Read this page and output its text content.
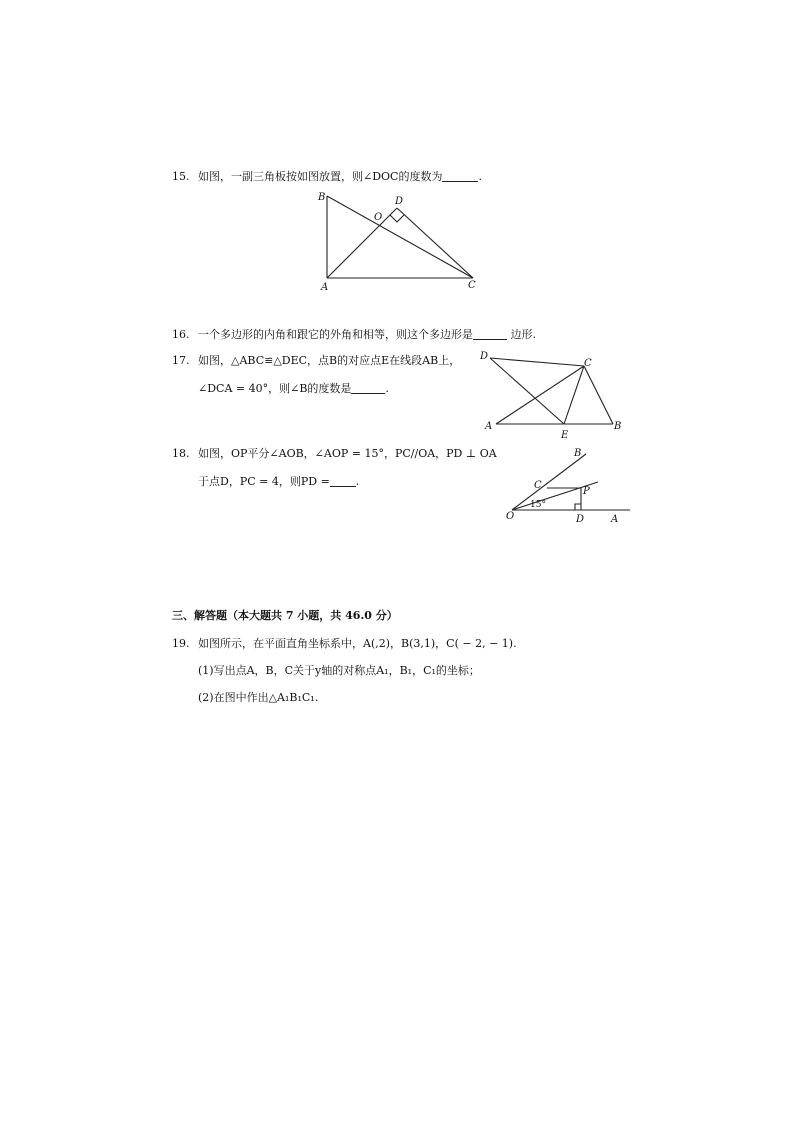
15. 如图，一副三角板按如图放置，则∠DOC的度数为	.
B	D
O
A	C
16. 一个多边形的内角和跟它的外角和相等，则这个多边形是	边形.
17. 如图，△ABC≌△DEC，点B的对应点E在线段AB上，
∠DCA = 40°，则∠B的度数是	.
D
C
A
E
B
18. 如图，OP平分∠AOB，∠AOP = 15°，PC//OA，PD ⊥ OA
于点D，PC = 4，则PD = .
B
C
P
O	D	A
15°
三、解答题（本大题共 7 小题，共 46.0 分）
19. 如图所示，在平面直角坐标系中，A(,2)，B(3,1)，C( − 2, − 1).
(1)写出点A，B，C关于y轴的对称点A₁，B₁，C₁的坐标；
(2)在图中作出△A₁B₁C₁.
